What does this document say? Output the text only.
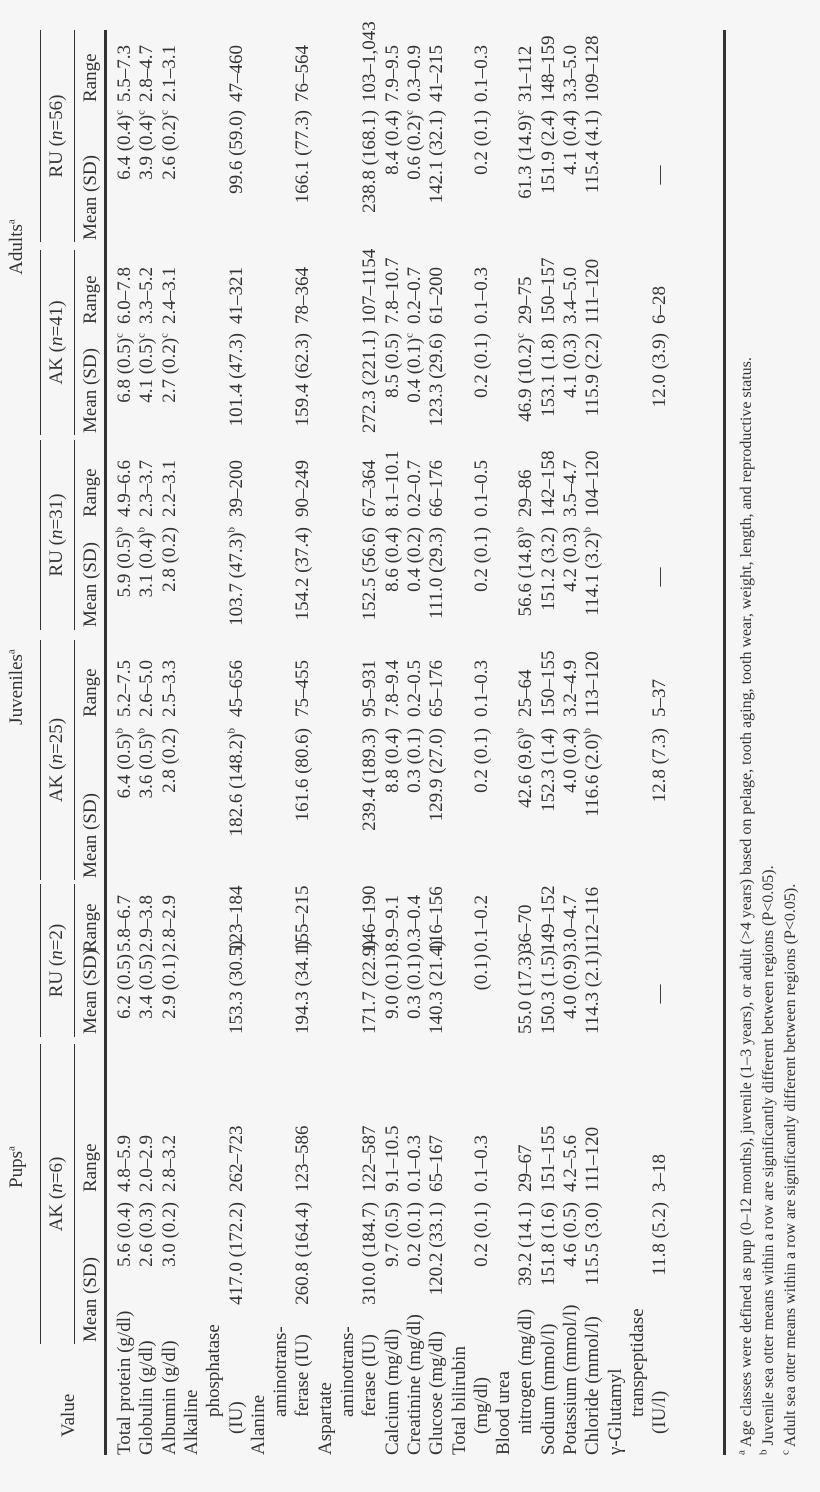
Pups$^a$
Juveniles$^a$
Adults$^a$
AK (n=6)
RU (n=2)
AK (n=25)
RU (n=31)
AK (n=41)
RU (n=56)
Value
Mean (SD)
Range
Mean (SD)
Range
Mean (SD)
Range
Mean (SD)
Range
Mean (SD)
Range
Mean (SD)
Range
Total protein (g/dl)
5.6 (0.4)
4.8–5.9
6.2 (0.5)
5.8–6.7
6.4 $(0.5)^b$
5.2–7.5
5.9 $(0.5)^b$
4.9–6.6
6.8 $(0.5)^c$
6.0–7.8
6.4 $(0.4)^c$
5.5–7.3
Globulin (g/dl)
2.6 (0.3)
2.0–2.9
3.4 (0.5)
2.9–3.8
3.6 $(0.5)^b$
2.6–5.0
3.1 $(0.4)^b$
2.3–3.7
4.1 $(0.5)^c$
3.3–5.2
3.9 $(0.4)^c$
2.8–4.7
Albumin (g/dl)
3.0 (0.2)
2.8–3.2
2.9 (0.1)
2.8–2.9
2.8 (0.2)
2.5–3.3
2.8 (0.2)
2.2–3.1
2.7 $(0.2)^c$
2.4–3.1
2.6 $(0.2)^c$
2.1–3.1
Alkaline
phosphatase
(IU)
417.0 (172.2)
262–723
153.3 (30.5)
123–184
182.6 $(148.2)^b$
45–656
103.7 $(47.3)^b$
39–200
101.4 (47.3)
41–321
99.6 (59.0)
47–460
Alanine
aminotrans- ferase (IU)
260.8 (164.4)
123–586
194.3 (34.1)
155–215
161.6 (80.6)
75–455
154.2 (37.4)
90–249
159.4 (62.3)
78–364
166.1 (77.3)
76–564
Aspartate
aminotrans- ferase (IU)
310.0 (184.7)
122–587
171.7 (22.9)
146–190
239.4 (189.3)
95–931
152.5 (56.6)
67–364
272.3 (221.1)
107–1154
238.8 (168.1)
103–1,043
Calcium (mg/dl)
9.7 (0.5)
9.1–10.5
9.0 (0.1)
8.9–9.1
8.8 (0.4)
7.8–9.4
8.6 (0.4)
8.1–10.1
8.5 (0.5)
7.8–10.7
8.4 (0.4)
7.9–9.5
Creatinine (mg/dl)
0.2 (0.1)
0.1–0.3
0.3 (0.1)
0.3–0.4
0.3 (0.1)
0.2–0.5
0.4 (0.2)
0.2–0.7
0.4 $(0.1)^c$
0.2–0.7
0.6 $(0.2)^c$
0.3–0.9
Glucose (mg/dl)
120.2 (33.1)
65–167
140.3 (21.4)
116–156
129.9 (27.0)
65–176
111.0 (29.3)
66–176
123.3 (29.6)
61–200
142.1 (32.1)
41–215
Total bilirubin (mg/dl)
0.2 (0.1)
0.1–0.3
(0.1)
0.1–0.2
0.2 (0.1)
0.1–0.3
0.2 (0.1)
0.1–0.5
0.2 (0.1)
0.1–0.3
0.2 (0.1)
0.1–0.3
Blood urea nitrogen (mg/dl)
39.2 (14.1)
29–67
55.0 (17.3)
36–70
42.6 $(9.6)^b$
25–64
56.6 $(14.8)^b$
29–86
46.9 $(10.2)^c$
29–75
61.3 $(14.9)^c$
31–112
Sodium (mmol/l)
151.8 (1.6)
151–155
150.3 (1.5)
149–152
152.3 (1.4)
150–155
151.2 (3.2)
142–158
153.1 (1.8)
150–157
151.9 (2.4)
148–159
Potassium (mmol/l)
4.6 (0.5)
4.2–5.6
4.0 (0.9)
3.0–4.7
4.0 (0.4)
3.2–4.9
4.2 (0.3)
3.5–4.7
4.1 (0.3)
3.4–5.0
4.1 (0.4)
3.3–5.0
Chloride (mmol/l)
115.5 (3.0)
111–120
114.3 (2.1)
112–116
116.6 $(2.0)^b$
113–120
114.1 $(3.2)^b$
104–120
115.9 (2.2)
111–120
115.4 (4.1)
109–128
γ-Glutamyl transpeptidase (IU/l)
11.8 (5.2)
3–18
—
12.8 (7.3)
5–37
—
12.0 (3.9)
6–28
—
$^a$ Age classes were defined as pup (0–12 months), juvenile (1–3 years), or adult (>4 years) based on pelage, tooth aging, tooth wear, weight, length, and reproductive status.
$^b$ Juvenile sea otter means within a row are significantly different between regions (P<0.05).
$^c$ Adult sea otter means within a row are significantly different between regions (P<0.05).
